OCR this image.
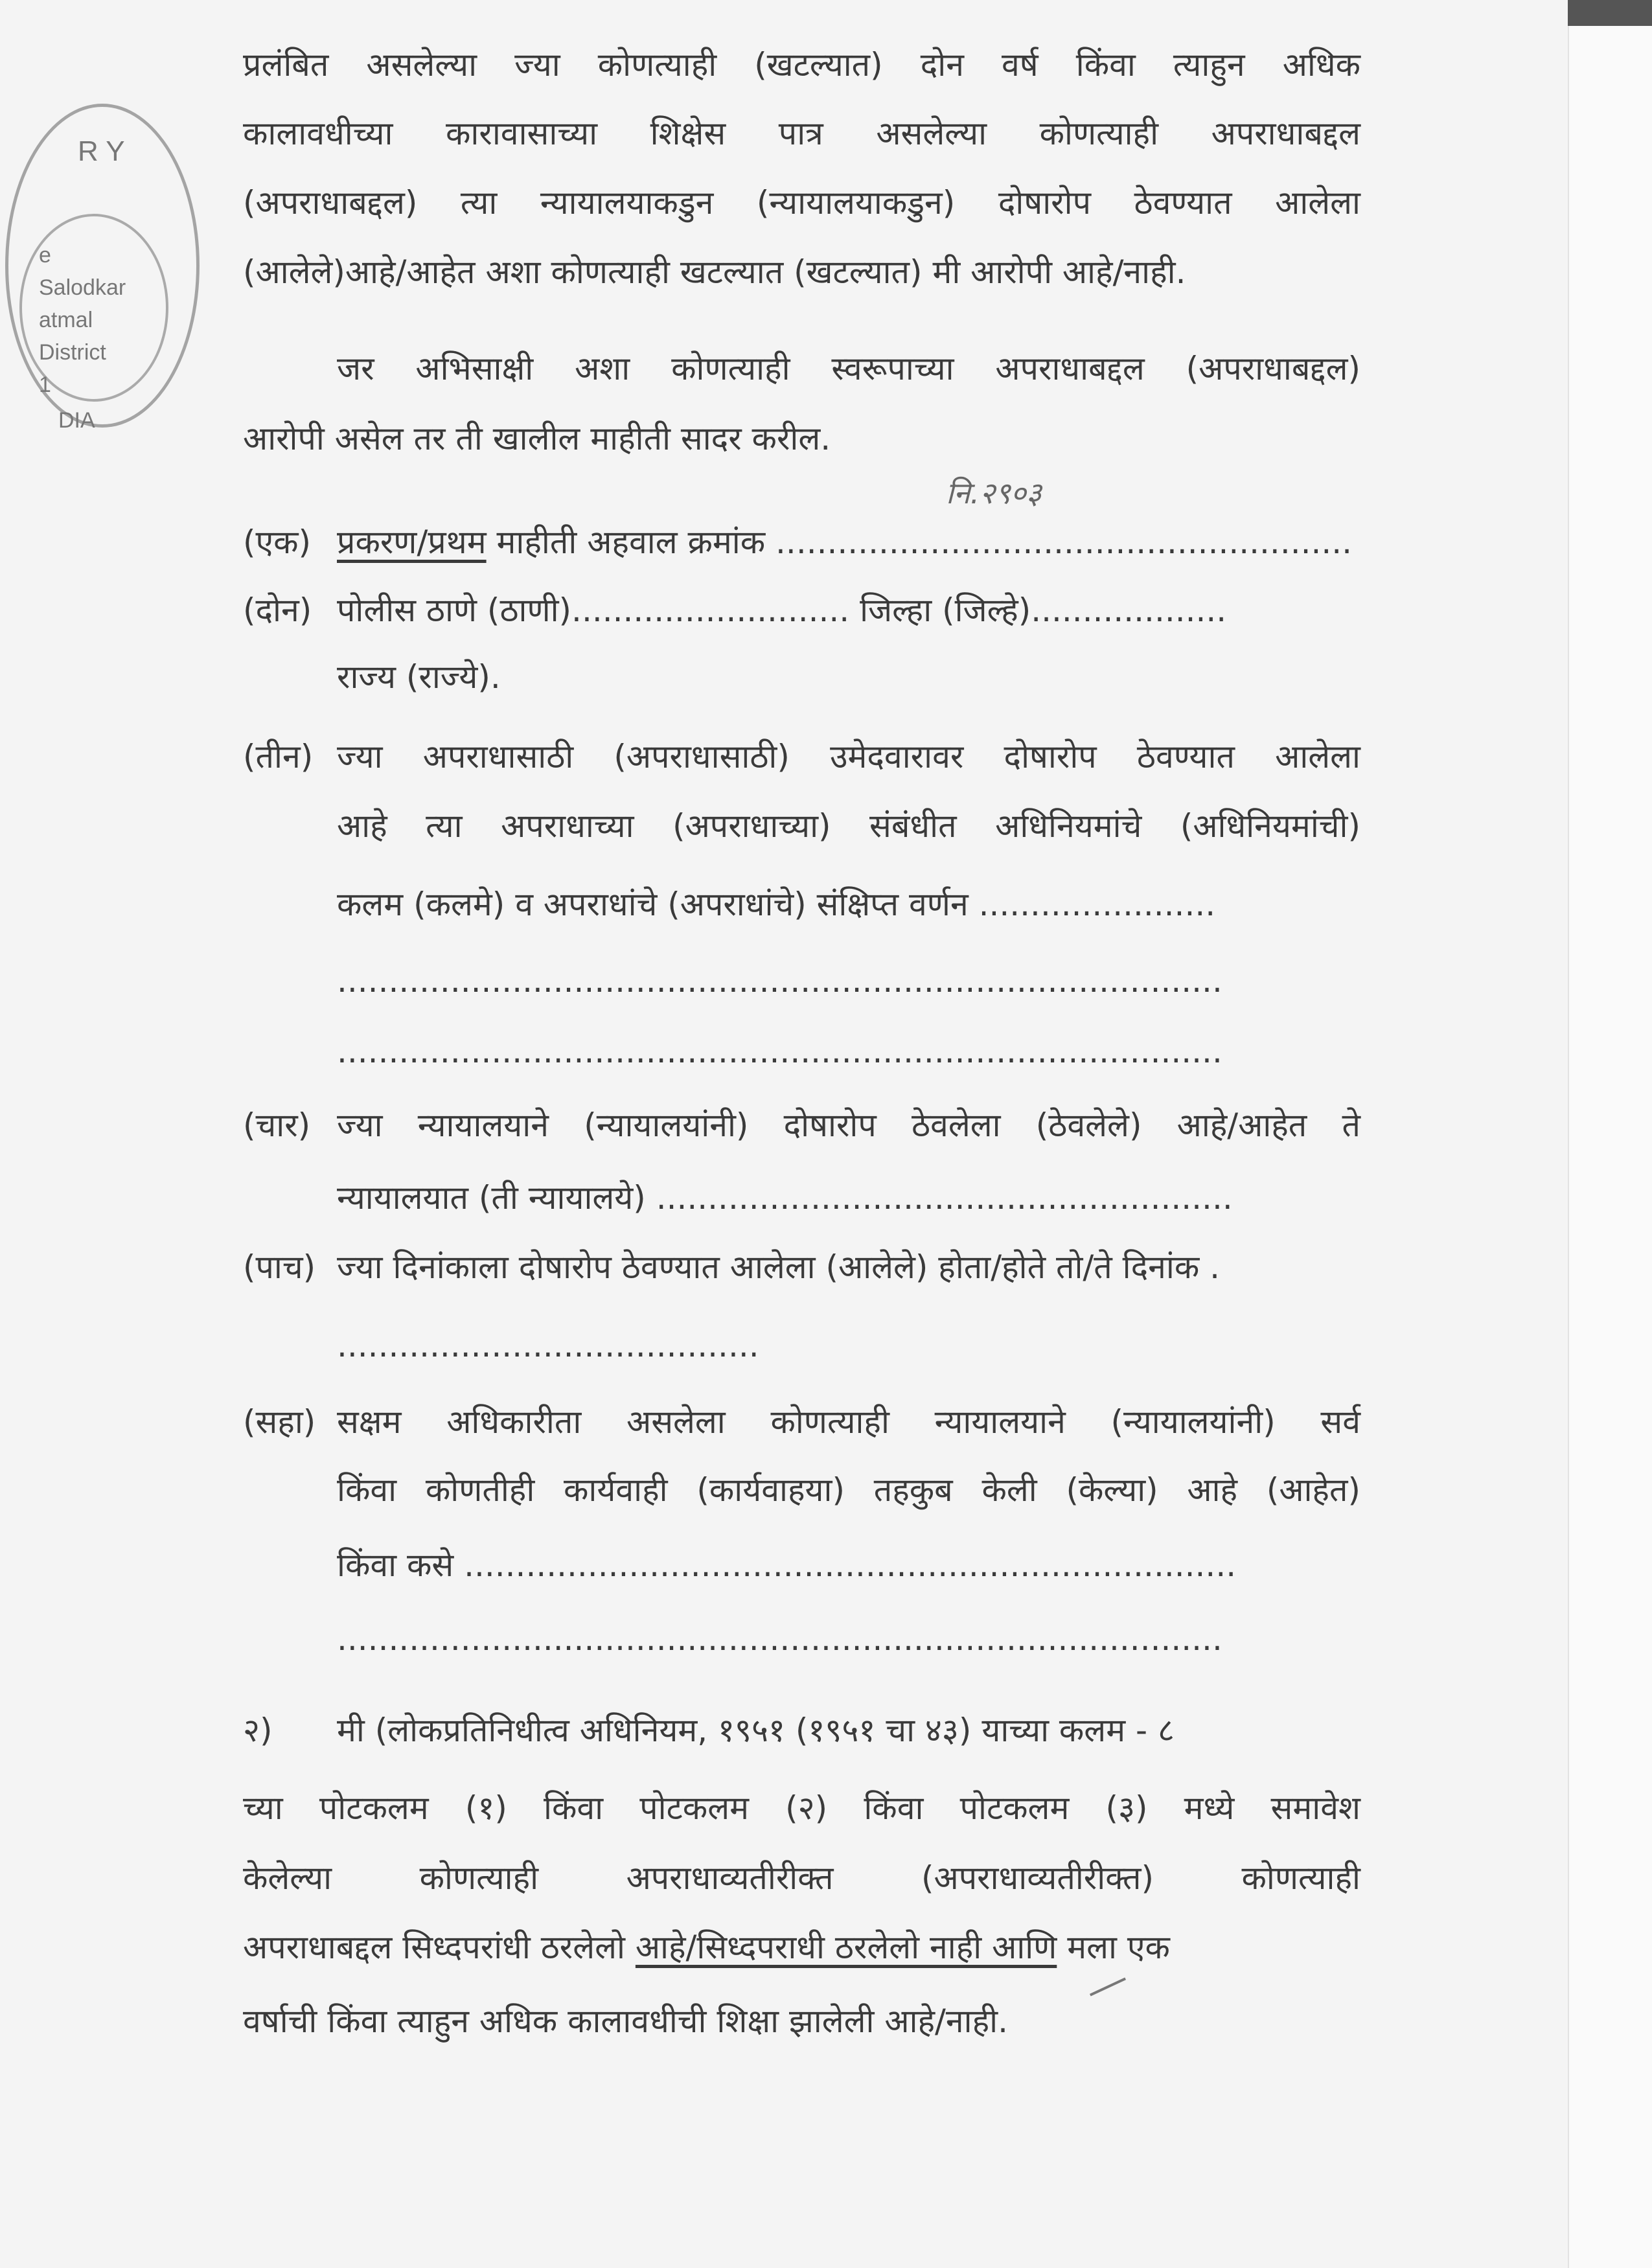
R Y
e
Salodkar
atmal
District
1
DIA
प्रलंबित असलेल्या ज्या कोणत्याही (खटल्यात) दोन वर्ष किंवा त्याहुन अधिक
कालावधीच्या कारावासाच्या शिक्षेस पात्र असलेल्या कोणत्याही अपराधाबद्दल
(अपराधाबद्दल) त्या न्यायालयाकडुन (न्यायालयाकडुन) दोषारोप ठेवण्यात आलेला
(आलेले)आहे/आहेत अशा कोणत्याही खटल्यात (खटल्यात) मी आरोपी आहे/नाही.
जर अभिसाक्षी अशा कोणत्याही स्वरूपाच्या अपराधाबद्दल (अपराधाबद्दल)
आरोपी असेल तर ती खालील माहीती सादर करील.
नि.२९०३
(एक) प्रकरण/प्रथम माहीती अहवाल क्रमांक ........................................................
(दोन) पोलीस ठाणे (ठाणी)........................... जिल्हा (जिल्हे)...................
राज्य (राज्ये).
(तीन) ज्या अपराधासाठी (अपराधासाठी) उमेदवारावर दोषारोप ठेवण्यात आलेला
आहे त्या अपराधाच्या (अपराधाच्या) संबंधीत अधिनियमांचे (अधिनियमांची)
कलम (कलमे) व अपराधांचे (अपराधांचे) संक्षिप्त वर्णन .......................
......................................................................................
......................................................................................
(चार) ज्या न्यायालयाने (न्यायालयांनी) दोषारोप ठेवलेला (ठेवलेले) आहे/आहेत ते
न्यायालयात (ती न्यायालये) ........................................................
(पाच) ज्या दिनांकाला दोषारोप ठेवण्यात आलेला (आलेले) होता/होते तो/ते दिनांक .
.........................................
(सहा) सक्षम अधिकारीता असलेला कोणत्याही न्यायालयाने (न्यायालयांनी) सर्व
किंवा कोणतीही कार्यवाही (कार्यवाहया) तहकुब केली (केल्या) आहे (आहेत)
किंवा कसे ...........................................................................
......................................................................................
२) मी (लोकप्रतिनिधीत्व अधिनियम, १९५१ (१९५१ चा ४३) याच्या कलम - ८
च्या पोटकलम (१) किंवा पोटकलम (२) किंवा पोटकलम (३) मध्ये समावेश
केलेल्या कोणत्याही अपराधाव्यतीरीक्त (अपराधाव्यतीरीक्त) कोणत्याही
अपराधाबद्दल सिध्दपरांधी ठरलेलो आहे/सिध्दपराधी ठरलेलो नाही आणि मला एक
वर्षाची किंवा त्याहुन अधिक कालावधीची शिक्षा झालेली आहे/नाही.
